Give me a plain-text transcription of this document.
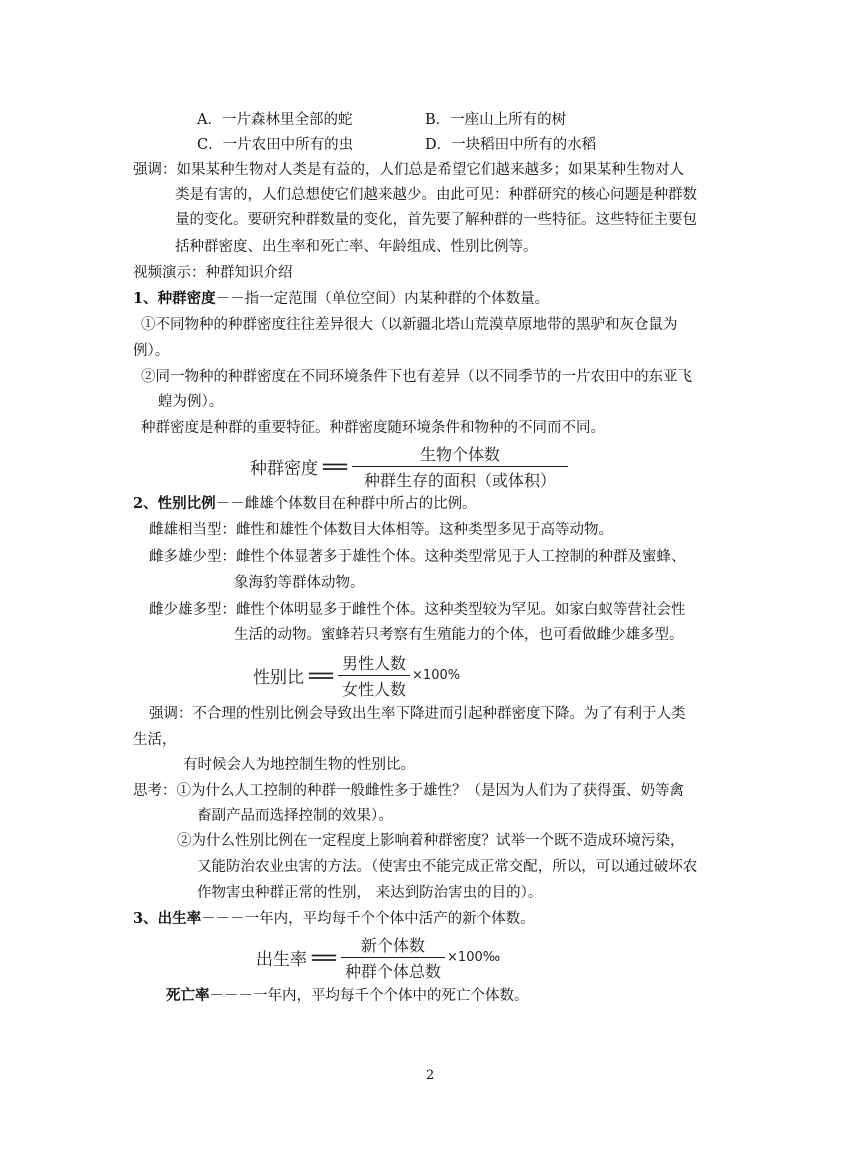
A．一片森林里全部的蛇	B．一座山上所有的树
C．一片农田中所有的虫	D．一块稻田中所有的水稻
强调：如果某种生物对人类是有益的，人们总是希望它们越来越多；如果某种生物对人
类是有害的，人们总想使它们越来越少。由此可见：种群研究的核心问题是种群数
量的变化。要研究种群数量的变化，首先要了解种群的一些特征。这些特征主要包
括种群密度、出生率和死亡率、年龄组成、性别比例等。
视频演示：种群知识介绍
1、种群密度－－指一定范围（单位空间）内某种群的个体数量。
①不同物种的种群密度往往差异很大（以新疆北塔山荒漠草原地带的黑驴和灰仓鼠为
例）。
②同一物种的种群密度在不同环境条件下也有差异（以不同季节的一片农田中的东亚飞
蝗为例）。
种群密度是种群的重要特征。种群密度随环境条件和物种的不同而不同。
种群密度 ＝ $\frac{\text{生物个体数}}{\text{种群生存的面积（或体积）}}$
2、性别比例－－雌雄个体数目在种群中所占的比例。
雌雄相当型：雌性和雄性个体数目大体相等。这种类型多见于高等动物。
雌多雄少型：雌性个体显著多于雄性个体。这种类型常见于人工控制的种群及蜜蜂、
象海豹等群体动物。
雌少雄多型：雌性个体明显多于雌性个体。这种类型较为罕见。如家白蚁等营社会性
生活的动物。蜜蜂若只考察有生殖能力的个体，也可看做雌少雄多型。
性别比 ＝ $\frac{\text{男性人数}}{\text{女性人数}} \times 100\%$
强调：不合理的性别比例会导致出生率下降进而引起种群密度下降。为了有利于人类
生活，
有时候会人为地控制生物的性别比。
思考：①为什么人工控制的种群一般雌性多于雄性？（是因为人们为了获得蛋、奶等禽
畜副产品而选择控制的效果）。
②为什么性别比例在一定程度上影响着种群密度？试举一个既不造成环境污染，
又能防治农业虫害的方法。（使害虫不能完成正常交配，所以，可以通过破坏农
作物害虫种群正常的性别， 来达到防治害虫的目的）。
3、出生率－－－一年内，平均每千个个体中活产的新个体数。
出生率 ＝ $\frac{\text{新个体数}}{\text{种群个体总数}}$ ×100‰
死亡率－－－一年内，平均每千个个体中的死亡个体数。
2
